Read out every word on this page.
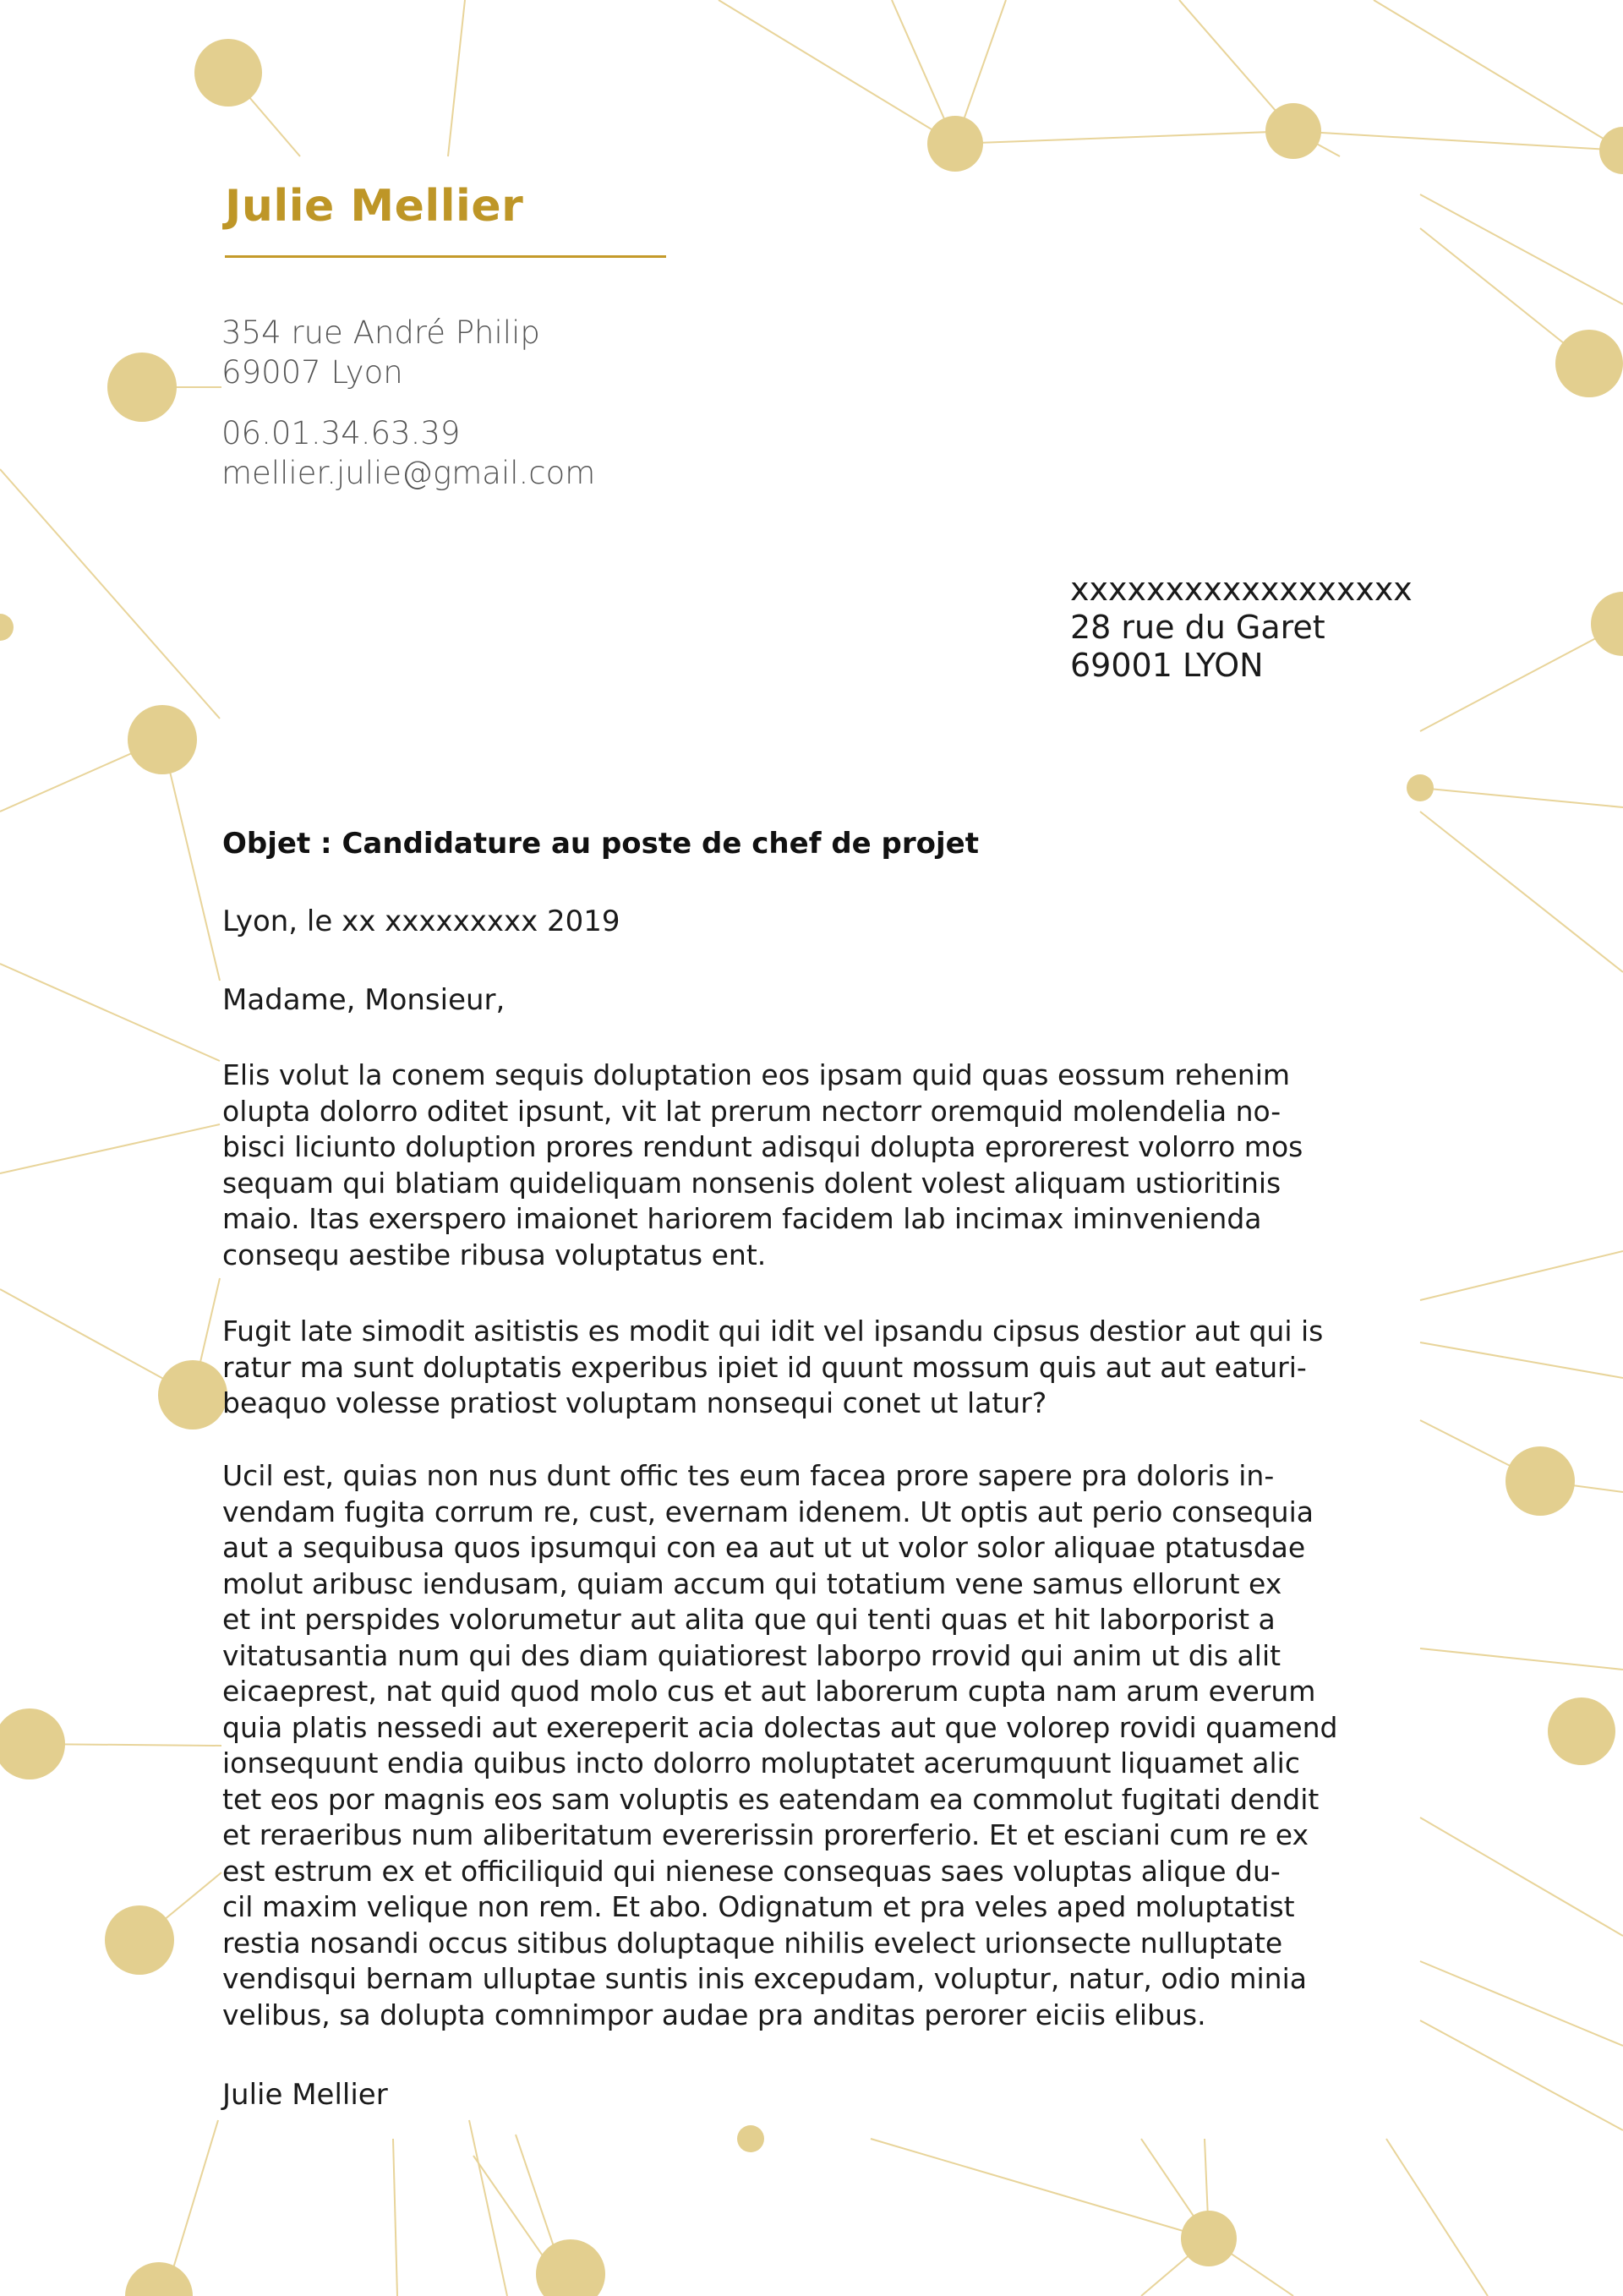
Julie Mellier
354 rue André Philip
69007 Lyon
06.01.34.63.39
mellier.julie@gmail.com
xxxxxxxxxxxxxxxxxx
28 rue du Garet
69001 LYON
Objet : Candidature au poste de chef de projet
Lyon, le xx xxxxxxxxx 2019
Madame, Monsieur,
Elis volut la conem sequis doluptation eos ipsam quid quas eossum rehenim
olupta dolorro oditet ipsunt, vit lat prerum nectorr oremquid molendelia no-
bisci liciunto doluption prores rendunt adisqui dolupta eprorerest volorro mos
sequam qui blatiam quideliquam nonsenis dolent volest aliquam ustioritinis
maio. Itas exerspero imaionet hariorem facidem lab incimax iminvenienda
consequ aestibe ribusa voluptatus ent.
Fugit late simodit asitistis es modit qui idit vel ipsandu cipsus destior aut qui is
ratur ma sunt doluptatis experibus ipiet id quunt mossum quis aut aut eaturi-
beaquo volesse pratiost voluptam nonsequi conet ut latur?
Ucil est, quias non nus dunt offic tes eum facea prore sapere pra doloris in-
vendam fugita corrum re, cust, evernam idenem. Ut optis aut perio consequia
aut a sequibusa quos ipsumqui con ea aut ut ut volor solor aliquae ptatusdae
molut aribusc iendusam, quiam accum qui totatium vene samus ellorunt ex
et int perspides volorumetur aut alita que qui tenti quas et hit laborporist a
vitatusantia num qui des diam quiatiorest laborpo rrovid qui anim ut dis alit
eicaeprest, nat quid quod molo cus et aut laborerum cupta nam arum everum
quia platis nessedi aut exereperit acia dolectas aut que volorep rovidi quamend
ionsequunt endia quibus incto dolorro moluptatet acerumquunt liquamet alic
tet eos por magnis eos sam voluptis es eatendam ea commolut fugitati dendit
et reraeribus num aliberitatum evererissin prorerferio. Et et esciani cum re ex
est estrum ex et officiliquid qui nienese consequas saes voluptas alique du-
cil maxim velique non rem. Et abo. Odignatum et pra veles aped moluptatist
restia nosandi occus sitibus doluptaque nihilis evelect urionsecte nulluptate
vendisqui bernam ulluptae suntis inis excepudam, voluptur, natur, odio minia
velibus, sa dolupta comnimpor audae pra anditas perorer eiciis elibus.
Julie Mellier
